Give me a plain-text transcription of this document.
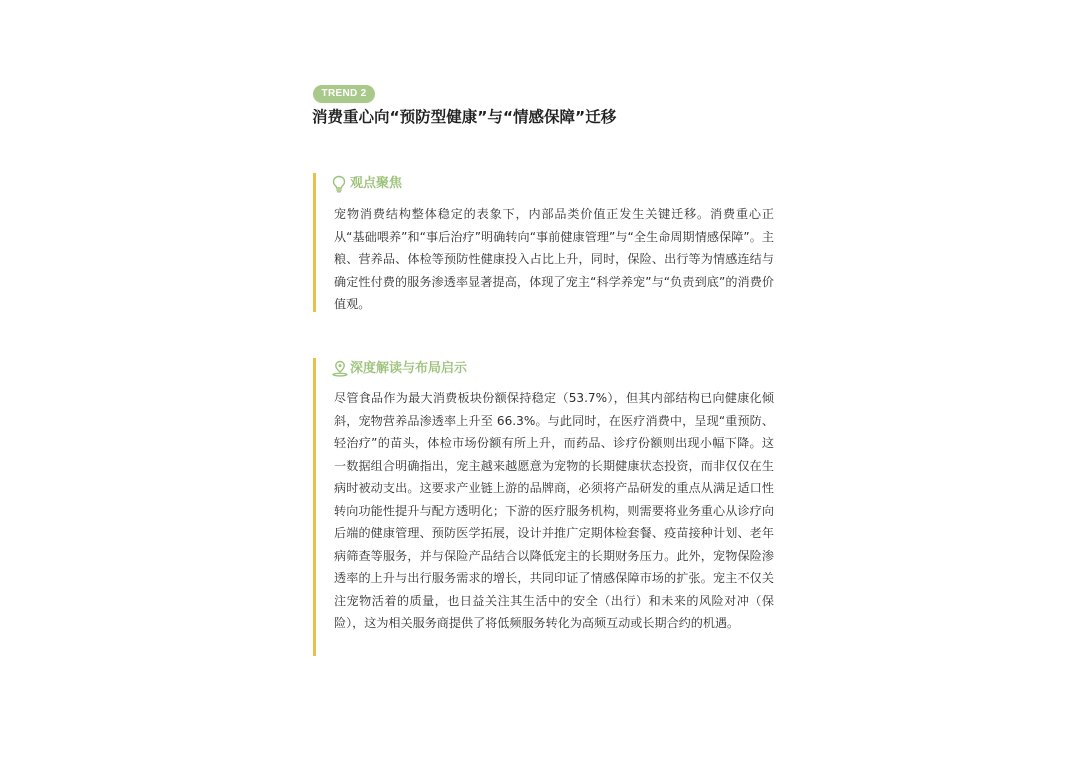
TREND 2
消费重心向“预防型健康”与“情感保障”迁移
观点聚焦
宠物消费结构整体稳定的表象下，内部品类价值正发生关键迁移。消费重心正从“基础喂养”和“事后治疗”明确转向“事前健康管理”与“全生命周期情感保障”。主粮、营养品、体检等预防性健康投入占比上升，同时，保险、出行等为情感连结与确定性付费的服务渗透率显著提高，体现了宠主“科学养宠”与“负责到底”的消费价值观。
深度解读与布局启示
尽管食品作为最大消费板块份额保持稳定（53.7%），但其内部结构已向健康化倾斜，宠物营养品渗透率上升至 66.3%。与此同时，在医疗消费中，呈现“重预防、轻治疗”的苗头，体检市场份额有所上升，而药品、诊疗份额则出现小幅下降。这一数据组合明确指出，宠主越来越愿意为宠物的长期健康状态投资，而非仅仅在生病时被动支出。这要求产业链上游的品牌商，必须将产品研发的重点从满足适口性转向功能性提升与配方透明化；下游的医疗服务机构，则需要将业务重心从诊疗向后端的健康管理、预防医学拓展，设计并推广定期体检套餐、疫苗接种计划、老年病筛查等服务，并与保险产品结合以降低宠主的长期财务压力。此外，宠物保险渗透率的上升与出行服务需求的增长，共同印证了情感保障市场的扩张。宠主不仅关注宠物活着的质量，也日益关注其生活中的安全（出行）和未来的风险对冲（保险），这为相关服务商提供了将低频服务转化为高频互动或长期合约的机遇。
